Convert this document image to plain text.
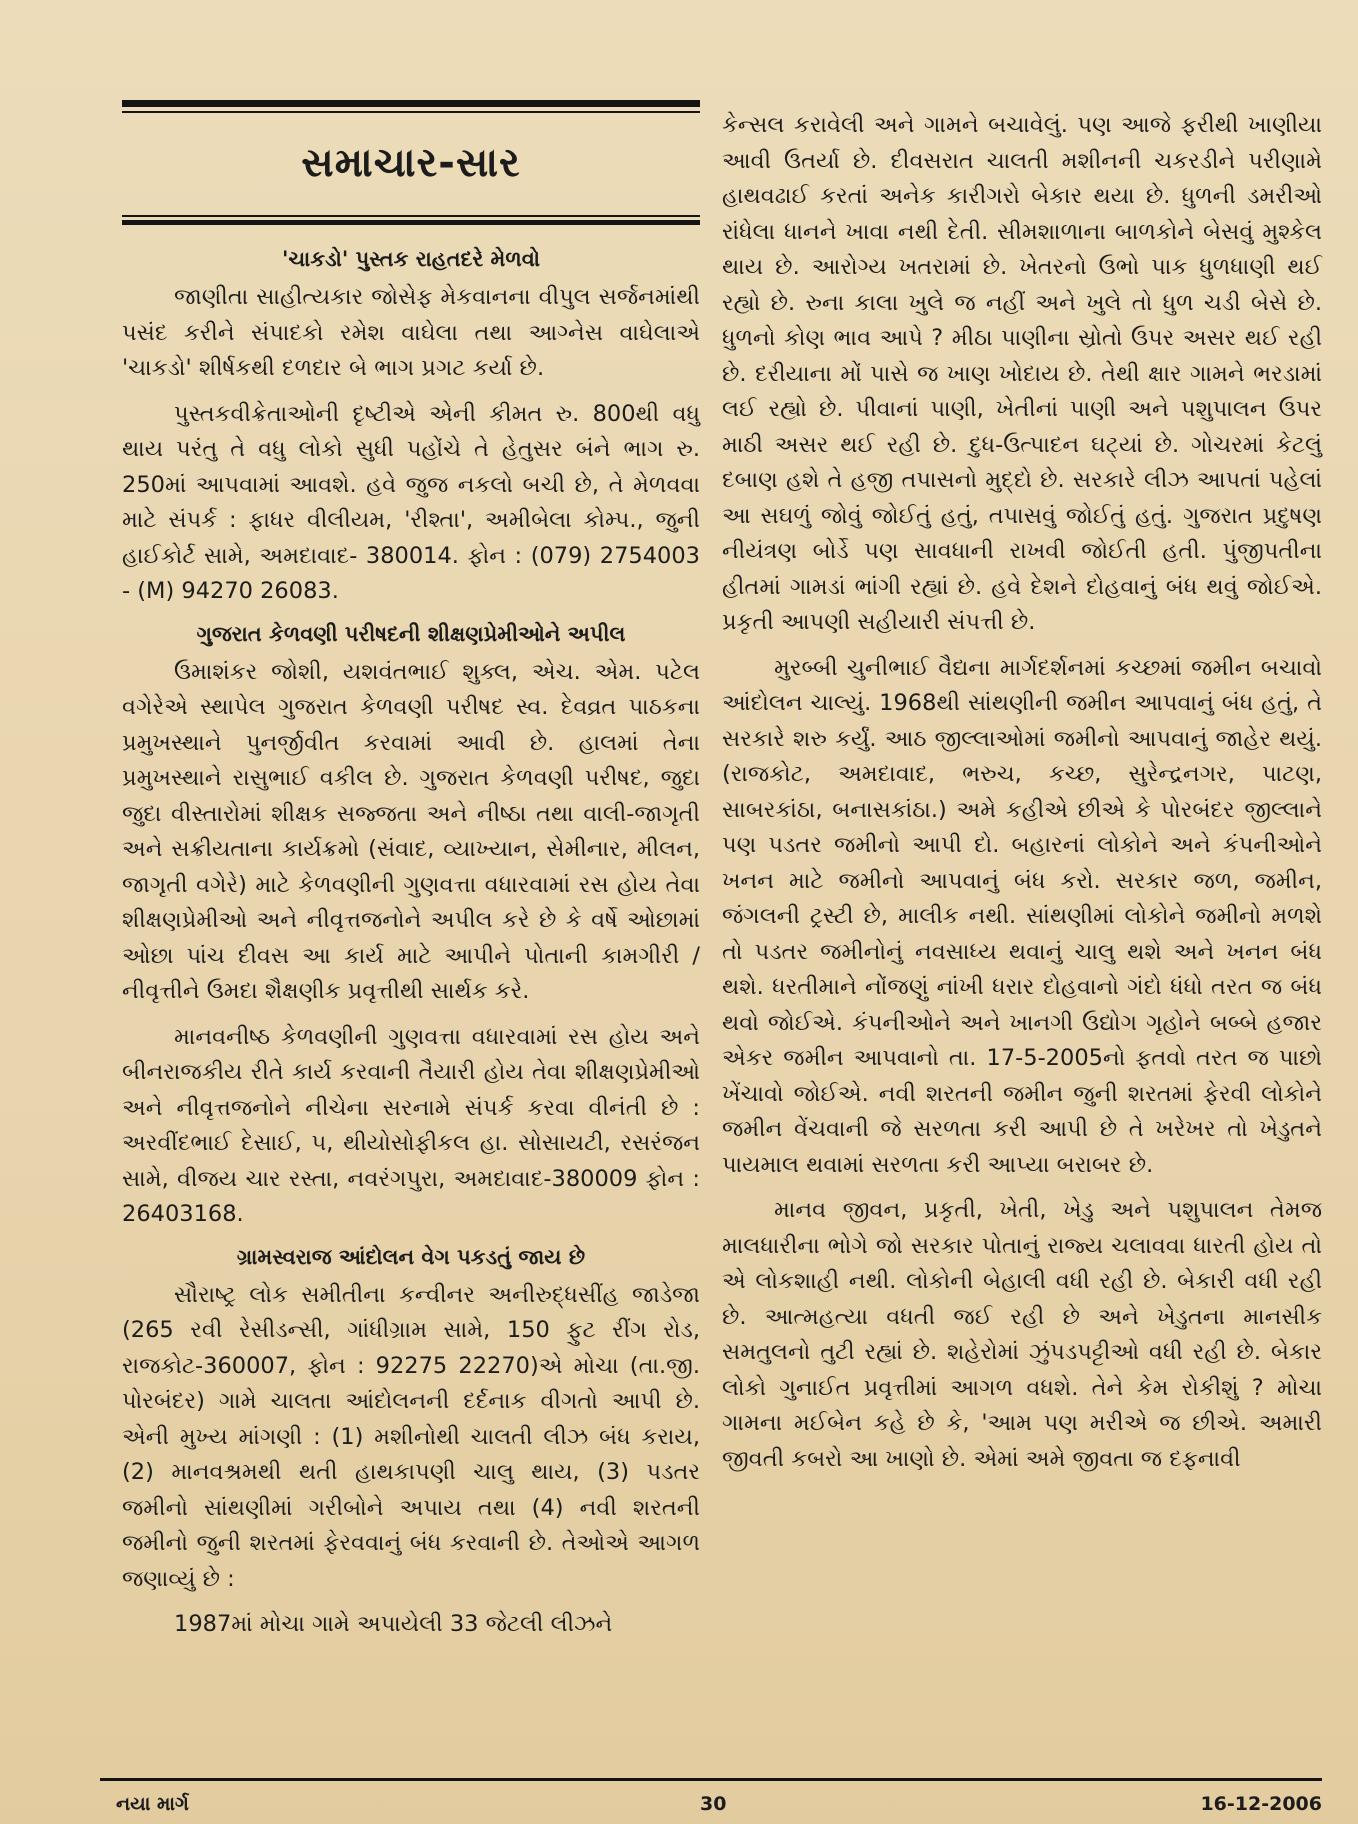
સમાચાર-સાર
'ચાકડો' પુસ્તક રાહતદરે મેળવો

જાણીતા સાહીત્યકાર જોસેફ મેકવાનના વીપુલ સર્જનમાંથી પસંદ કરીને સંપાદકો રમેશ વાઘેલા તથા આગ્નેસ વાઘેલાએ 'ચાકડો' શીર્ષકથી દળદાર બે ભાગ પ્રગટ કર્યા છે.

પુસ્તકવીક્રેતાઓની દૃષ્ટીએ એની કીમત રુ. 800થી વધુ થાય પરંતુ તે વધુ લોકો સુધી પહોંચે તે હેતુસર બંને ભાગ રુ. 250માં આપવામાં આવશે. હવે જુજ નકલો બચી છે, તે મેળવવા માટે સંપર્ક : ફાધર વીલીયમ, 'રીશ્તા', અમીબેલા કોમ્પ., જુની હાઈકોર્ટ સામે, અમદાવાદ- 380014. ફોન : (079) 2754003 - (M) 94270 26083.

ગુજરાત કેળવણી પરીષદની શીક્ષણપ્રેમીઓને અપીલ

ઉમાશંકર જોશી, યશવંતભાઈ શુક્લ, એચ. એમ. પટેલ વગેરેએ સ્થાપેલ ગુજરાત કેળવણી પરીષદ સ્વ. દેવવ્રત પાઠકના પ્રમુખસ્થાને પુનર્જીવીત કરવામાં આવી છે. હાલમાં તેના પ્રમુખસ્થાને રાસુભાઈ વકીલ છે. ગુજરાત કેળવણી પરીષદ, જુદા જુદા વીસ્તારોમાં શીક્ષક સજ્જતા અને નીષ્ઠા તથા વાલી-જાગૃતી અને સક્રીયતાના કાર્યક્રમો (સંવાદ, વ્યાખ્યાન, સેમીનાર, મીલન, જાગૃતી વગેરે) માટે કેળવણીની ગુણવત્તા વધારવામાં રસ હોય તેવા શીક્ષણપ્રેમીઓ અને નીવૃત્તજનોને અપીલ કરે છે કે વર્ષે ઓછામાં ઓછા પાંચ દીવસ આ કાર્ય માટે આપીને પોતાની કામગીરી / નીવૃત્તીને ઉમદા શૈક્ષણીક પ્રવૃત્તીથી સાર્થક કરે.

માનવનીષ્ઠ કેળવણીની ગુણવત્તા વધારવામાં રસ હોય અને બીનરાજકીય રીતે કાર્ય કરવાની તૈયારી હોય તેવા શીક્ષણપ્રેમીઓ અને નીવૃત્તજનોને નીચેના સરનામે સંપર્ક કરવા વીનંતી છે : અરવીંદભાઈ દેસાઈ, ૫, થીયોસોફીકલ હા. સોસાયટી, રસરંજન સામે, વીજય ચાર રસ્તા, નવરંગપુરા, અમદાવાદ-380009 ફોન : 26403168.

ગ્રામસ્વરાજ આંદોલન વેગ પકડતું જાય છે

સૌરાષ્ટ્ર લોક સમીતીના કન્વીનર અનીરુદ્ધસીંહ જાડેજા (265 રવી રેસીડન્સી, ગાંધીગ્રામ સામે, 150 ફુટ રીંગ રોડ, રાજકોટ-360007, ફોન : 92275 22270)એ મોચા (તા.જી. પોરબંદર) ગામે ચાલતા આંદોલનની દર્દનાક વીગતો આપી છે. એની મુખ્ય માંગણી : (1) મશીનોથી ચાલતી લીઝ બંધ કરાય, (2) માનવશ્રમથી થતી હાથકાપણી ચાલુ થાય, (3) પડતર જમીનો સાંથણીમાં ગરીબોને અપાય તથા (4) નવી શરતની જમીનો જુની શરતમાં ફેરવવાનું બંધ કરવાની છે. તેઓએ આગળ જણાવ્યું છે :

1987માં મોચા ગામે અપાયેલી 33 જેટલી લીઝને

કેન્સલ કરાવેલી અને ગામને બચાવેલું. પણ આજે ફરીથી ખાણીયા આવી ઉતર્યા છે. દીવસરાત ચાલતી મશીનની ચકરડીને પરીણામે હાથવઢાઈ કરતાં અનેક કારીગરો બેકાર થયા છે. ધુળની ડમરીઓ રાંધેલા ધાનને ખાવા નથી દેતી. સીમશાળાના બાળકોને બેસવું મુશ્કેલ થાય છે. આરોગ્ય ખતરામાં છે. ખેતરનો ઉભો પાક ધુળધાણી થઈ રહ્યો છે. રુના કાલા ખુલે જ નહીં અને ખુલે તો ધુળ ચડી બેસે છે. ધુળનો કોણ ભાવ આપે ? મીઠા પાણીના સ્રોતો ઉપર અસર થઈ રહી છે. દરીયાના મોં પાસે જ ખાણ ખોદાય છે. તેથી ક્ષાર ગામને ભરડામાં લઈ રહ્યો છે. પીવાનાં પાણી, ખેતીનાં પાણી અને પશુપાલન ઉપર માઠી અસર થઈ રહી છે. દુધ-ઉત્પાદન ઘટ્યાં છે. ગોચરમાં કેટલું દબાણ હશે તે હજી તપાસનો મુદ્દો છે. સરકારે લીઝ આપતાં પહેલાં આ સઘળું જોવું જોઈતું હતું, તપાસવું જોઈતું હતું. ગુજરાત પ્રદુષણ નીયંત્રણ બોર્ડે પણ સાવધાની રાખવી જોઈતી હતી. પુંજીપતીના હીતમાં ગામડાં ભાંગી રહ્યાં છે. હવે દેશને દોહવાનું બંધ થવું જોઈએ. પ્રકૃતી આપણી સહીયારી સંપત્તી છે.

મુરબ્બી ચુનીભાઈ વૈદ્યના માર્ગદર્શનમાં કચ્છમાં જમીન બચાવો આંદોલન ચાલ્યું. 1968થી સાંથણીની જમીન આપવાનું બંધ હતું, તે સરકારે શરુ કર્યું. આઠ જીલ્લાઓમાં જમીનો આપવાનું જાહેર થયું. (રાજકોટ, અમદાવાદ, ભરુચ, કચ્છ, સુરેન્દ્રનગર, પાટણ, સાબરકાંઠા, બનાસકાંઠા.) અમે કહીએ છીએ કે પોરબંદર જીલ્લાને પણ પડતર જમીનો આપી દો. બહારનાં લોકોને અને કંપનીઓને ખનન માટે જમીનો આપવાનું બંધ કરો. સરકાર જળ, જમીન, જંગલની ટ્રસ્ટી છે, માલીક નથી. સાંથણીમાં લોકોને જમીનો મળશે તો પડતર જમીનોનું નવસાધ્ય થવાનું ચાલુ થશે અને ખનન બંધ થશે. ધરતીમાને નોંજણું નાંખી ધરાર દોહવાનો ગંદો ધંધો તરત જ બંધ થવો જોઈએ. કંપનીઓને અને ખાનગી ઉદ્યોગ ગૃહોને બબ્બે હજાર એકર જમીન આપવાનો તા. 17-5-2005નો ફતવો તરત જ પાછો ખેંચાવો જોઈએ. નવી શરતની જમીન જુની શરતમાં ફેરવી લોકોને જમીન વેંચવાની જે સરળતા કરી આપી છે તે ખરેખર તો ખેડુતને પાયમાલ થવામાં સરળતા કરી આપ્યા બરાબર છે.

માનવ જીવન, પ્રકૃતી, ખેતી, ખેડુ અને પશુપાલન તેમજ માલધારીના ભોગે જો સરકાર પોતાનું રાજ્ય ચલાવવા ધારતી હોય તો એ લોકશાહી નથી. લોકોની બેહાલી વધી રહી છે. બેકારી વધી રહી છે. આત્મહત્યા વધતી જઈ રહી છે અને ખેડુતના માનસીક સમતુલનો તુટી રહ્યાં છે. શહેરોમાં ઝુંપડપટ્ટીઓ વધી રહી છે. બેકાર લોકો ગુનાઈત પ્રવૃત્તીમાં આગળ વધશે. તેને કેમ રોકીશું ? મોચા ગામના મઈબેન કહે છે કે, 'આમ પણ મરીએ જ છીએ. અમારી જીવતી કબરો આ ખાણો છે. એમાં અમે જીવતા જ દફનાવી

નયા માર્ગ	30	16-12-2006
